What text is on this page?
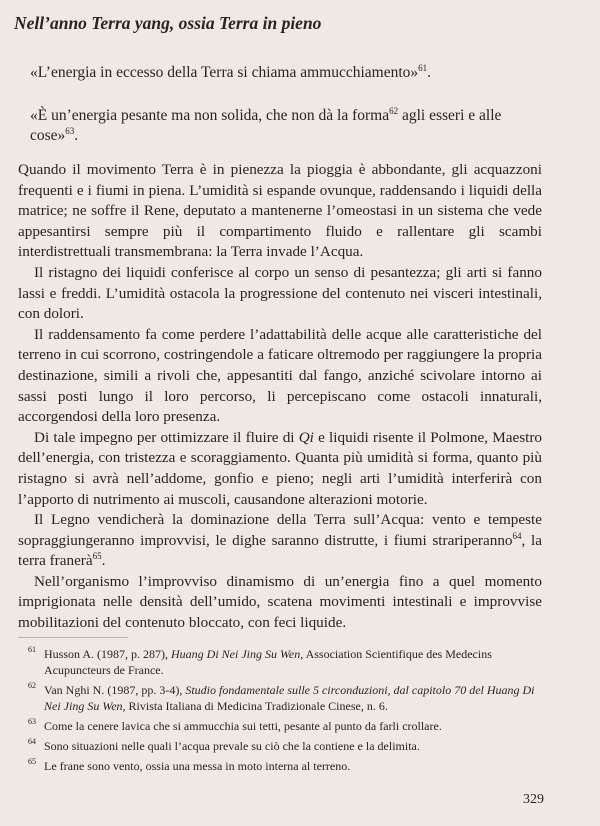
Nell’anno Terra yang, ossia Terra in pieno
«L’energia in eccesso della Terra si chiama ammucchiamento»$^{61}$.
«È un’energia pesante ma non solida, che non dà la forma$^{62}$ agli esseri e alle cose»$^{63}$.

Quando il movimento Terra è in pienezza la pioggia è abbondante, gli acquazzoni frequenti e i fiumi in piena. L’umidità si espande ovunque, raddensando i liquidi della matrice; ne soffre il Rene, deputato a mantenerne l’omeostasi in un sistema che vede appesantirsi sempre più il compartimento fluido e rallentare gli scambi interdistrettuali transmembrana: la Terra invade l’Acqua.

Il ristagno dei liquidi conferisce al corpo un senso di pesantezza; gli arti si fanno lassi e freddi. L’umidità ostacola la progressione del contenuto nei visceri intestinali, con dolori.

Il raddensamento fa come perdere l’adattabilità delle acque alle caratteristiche del terreno in cui scorrono, costringendole a faticare oltremodo per raggiungere la propria destinazione, simili a rivoli che, appesantiti dal fango, anziché scivolare intorno ai sassi posti lungo il loro percorso, li percepiscano come ostacoli innaturali, accorgendosi della loro presenza.

Di tale impegno per ottimizzare il fluire di Qi e liquidi risente il Polmone, Maestro dell’energia, con tristezza e scoraggiamento. Quanta più umidità si forma, quanto più ristagno si avrà nell’addome, gonfio e pieno; negli arti l’umidità interferirà con l’apporto di nutrimento ai muscoli, causandone alterazioni motorie.

Il Legno vendicherà la dominazione della Terra sull’Acqua: vento e tempeste sopraggiungeranno improvvisi, le dighe saranno distrutte, i fiumi strariperanno$^{64}$, la terra franerà$^{65}$.

Nell’organismo l’improvviso dinamismo di un’energia fino a quel momento imprigionata nelle densità dell’umido, scatena movimenti intestinali e improvvise mobilitazioni del contenuto bloccato, con feci liquide.

61 Husson A. (1987, p. 287), Huang Di Nei Jing Su Wen, Association Scientifique des Medecins Acupuncteurs de France.
62 Van Nghi N. (1987, pp. 3-4), Studio fondamentale sulle 5 circonduzioni, dal capitolo 70 del Huang Di Nei Jing Su Wen, Rivista Italiana di Medicina Tradizionale Cinese, n. 6.
63 Come la cenere lavica che si ammucchia sui tetti, pesante al punto da farli crollare.
64 Sono situazioni nelle quali l’acqua prevale su ciò che la contiene e la delimita.
65 Le frane sono vento, ossia una messa in moto interna al terreno.
329
